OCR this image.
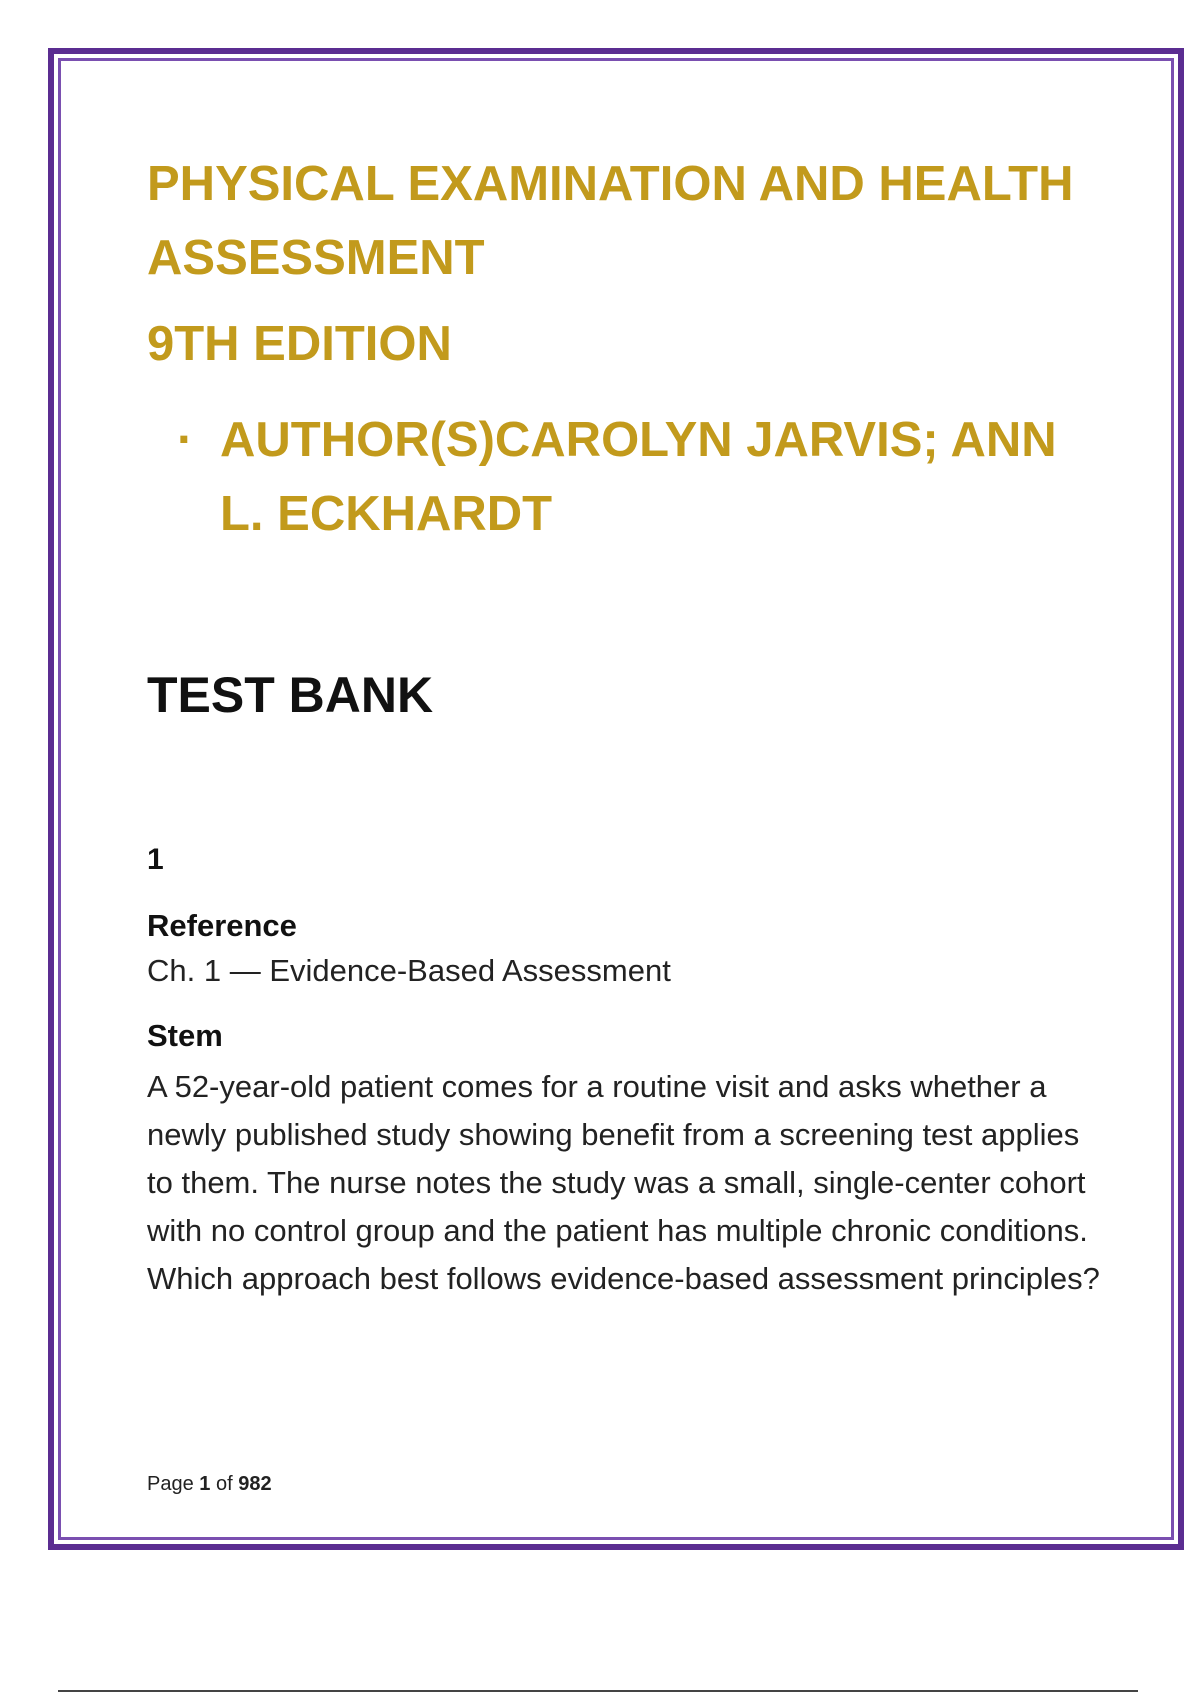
PHYSICAL EXAMINATION AND HEALTH ASSESSMENT
9TH EDITION
· AUTHOR(S)CAROLYN JARVIS; ANN L. ECKHARDT
TEST BANK
1
Reference
Ch. 1 — Evidence-Based Assessment
Stem

A 52-year-old patient comes for a routine visit and asks whether a newly published study showing benefit from a screening test applies to them. The nurse notes the study was a small, single-center cohort with no control group and the patient has multiple chronic conditions. Which approach best follows evidence-based assessment principles?

Page 1 of 982
